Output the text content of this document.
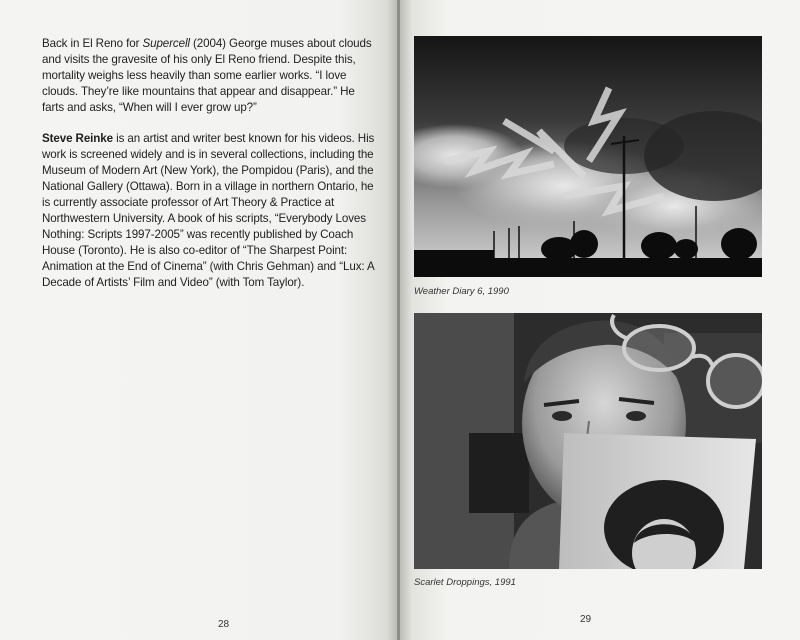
Back in El Reno for Supercell (2004) George muses about clouds and visits the gravesite of his only El Reno friend. Despite this, mortality weighs less heavily than some earlier works. “I love clouds. They’re like mountains that appear and disappear.” He farts and asks, “When will I ever grow up?”

Steve Reinke is an artist and writer best known for his videos. His work is screened widely and is in several collections, including the Museum of Modern Art (New York), the Pompidou (Paris), and the National Gallery (Ottawa). Born in a village in northern Ontario, he is currently associate professor of Art Theory & Practice at Northwestern University. A book of his scripts, “Everybody Loves Nothing: Scripts 1997-2005” was recently published by Coach House (Toronto). He is also co-editor of “The Sharpest Point: Animation at the End of Cinema” (with Chris Gehman) and “Lux: A Decade of Artists’ Film and Video” (with Tom Taylor).

28
Weather Diary 6, 1990
Scarlet Droppings, 1991
29
